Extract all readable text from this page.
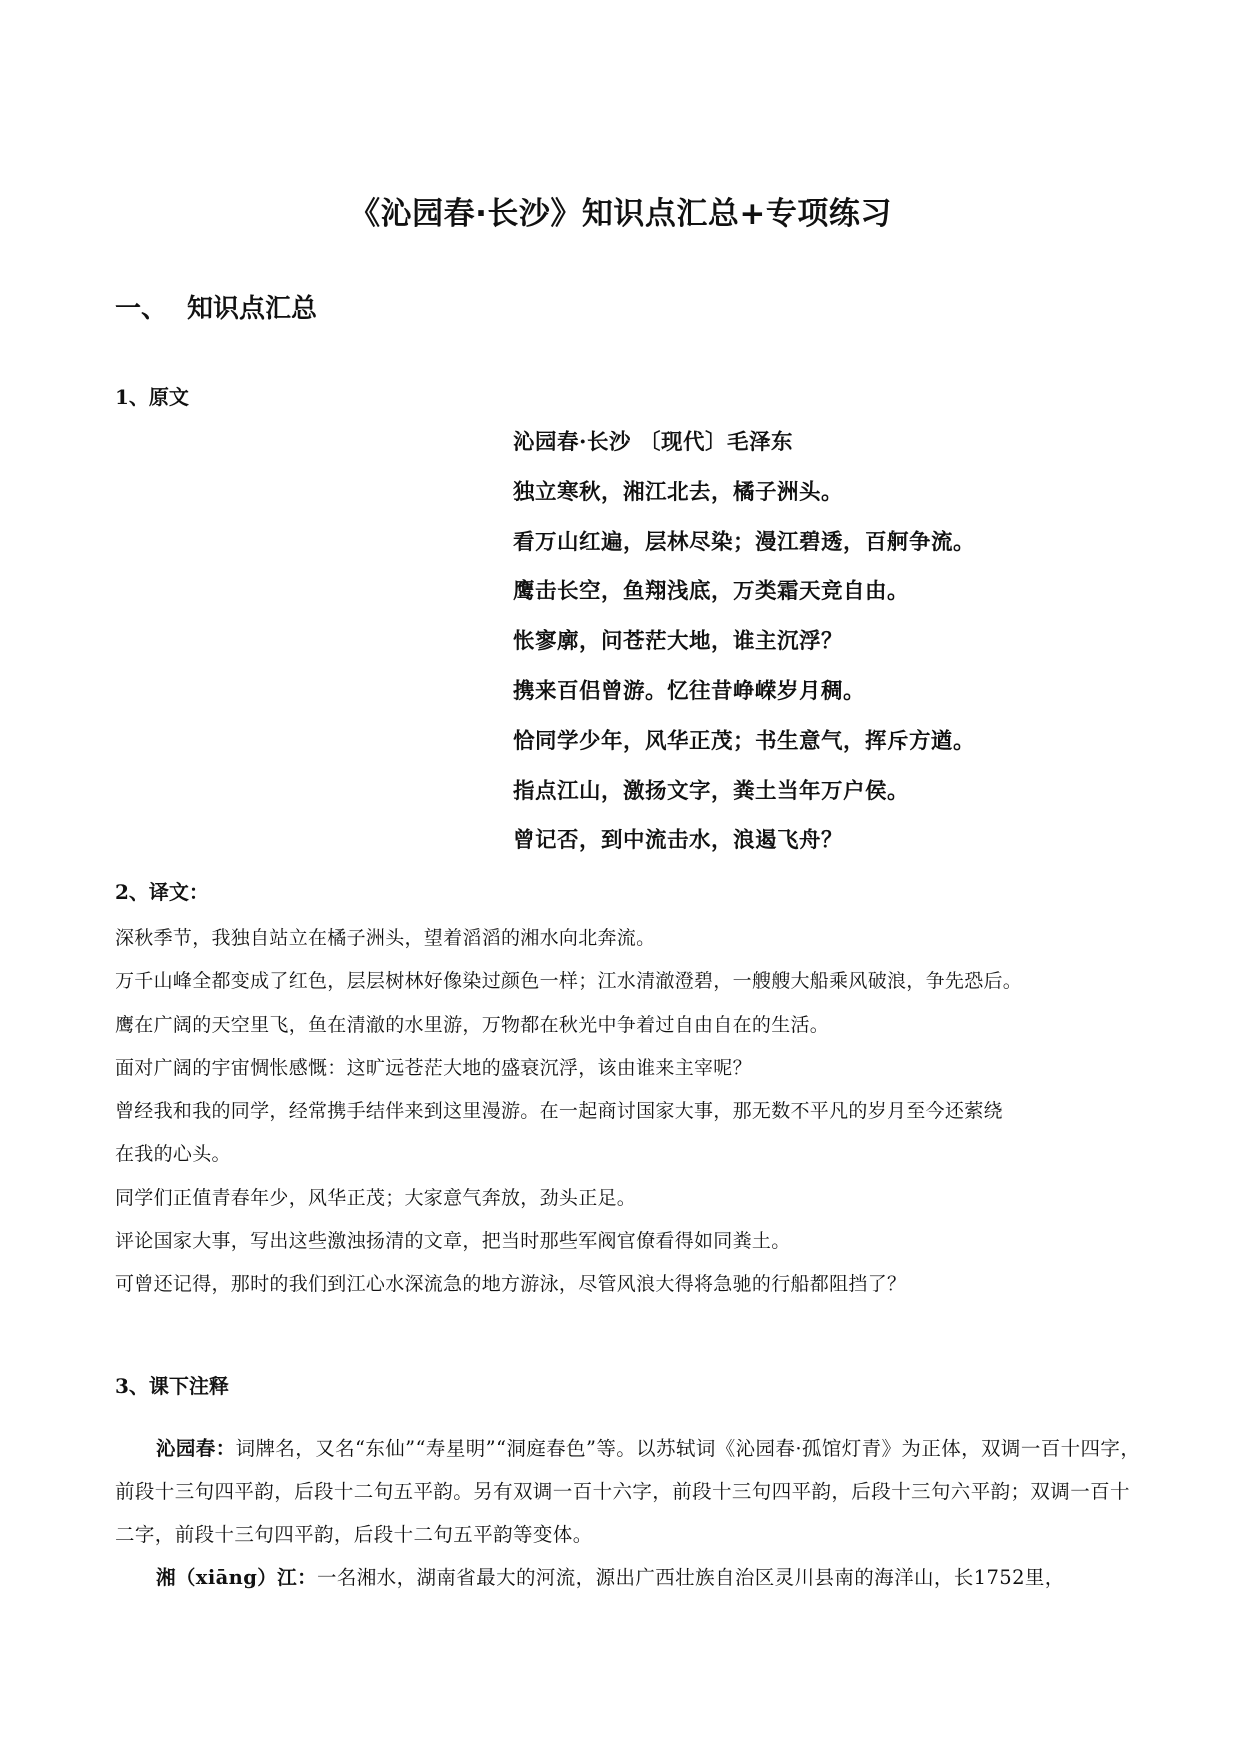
《沁园春·长沙》知识点汇总+专项练习
一、 知识点汇总
1、原文
沁园春·长沙 〔现代〕毛泽东
独立寒秋，湘江北去，橘子洲头。
看万山红遍，层林尽染；漫江碧透，百舸争流。
鹰击长空，鱼翔浅底，万类霜天竞自由。
怅寥廓，问苍茫大地，谁主沉浮？
携来百侣曾游。忆往昔峥嵘岁月稠。
恰同学少年，风华正茂；书生意气，挥斥方遒。
指点江山，激扬文字，粪土当年万户侯。
曾记否，到中流击水，浪遏飞舟？
2、译文：
深秋季节，我独自站立在橘子洲头，望着滔滔的湘水向北奔流。
万千山峰全都变成了红色，层层树林好像染过颜色一样；江水清澈澄碧，一艘艘大船乘风破浪，争先恐后。
鹰在广阔的天空里飞，鱼在清澈的水里游，万物都在秋光中争着过自由自在的生活。
面对广阔的宇宙惆怅感慨：这旷远苍茫大地的盛衰沉浮，该由谁来主宰呢？
曾经我和我的同学，经常携手结伴来到这里漫游。在一起商讨国家大事，那无数不平凡的岁月至今还萦绕
在我的心头。
同学们正值青春年少，风华正茂；大家意气奔放，劲头正足。
评论国家大事，写出这些激浊扬清的文章，把当时那些军阀官僚看得如同粪土。
可曾还记得，那时的我们到江心水深流急的地方游泳，尽管风浪大得将急驰的行船都阻挡了？
3、课下注释

沁园春：词牌名，又名“东仙”“寿星明”“洞庭春色”等。以苏轼词《沁园春·孤馆灯青》为正体，双调一百十四字，前段十三句四平韵，后段十二句五平韵。另有双调一百十六字，前段十三句四平韵，后段十三句六平韵；双调一百十二字，前段十三句四平韵，后段十二句五平韵等变体。

湘（xiāng）江：一名湘水，湖南省最大的河流，源出广西壮族自治区灵川县南的海洋山，长1752里，
